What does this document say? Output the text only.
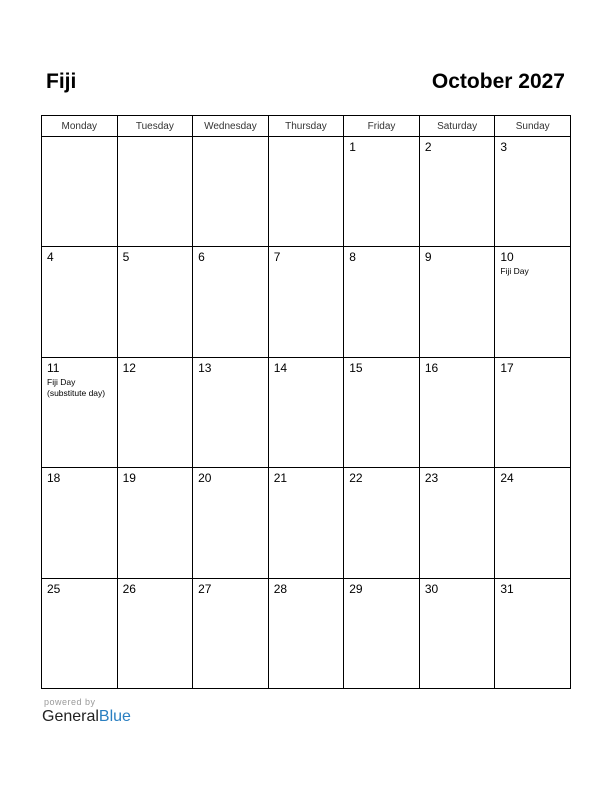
Fiji	October 2027
Monday	Tuesday	Wednesday	Thursday	Friday	Saturday	Sunday

				1	2	3

4	5	6	7	8	9	10
Fiji Day

11
Fiji Day
(substitute day)	12	13	14	15	16	17

18	19	20	21	22	23	24

25	26	27	28	29	30	31
powered by
GeneralBlue
